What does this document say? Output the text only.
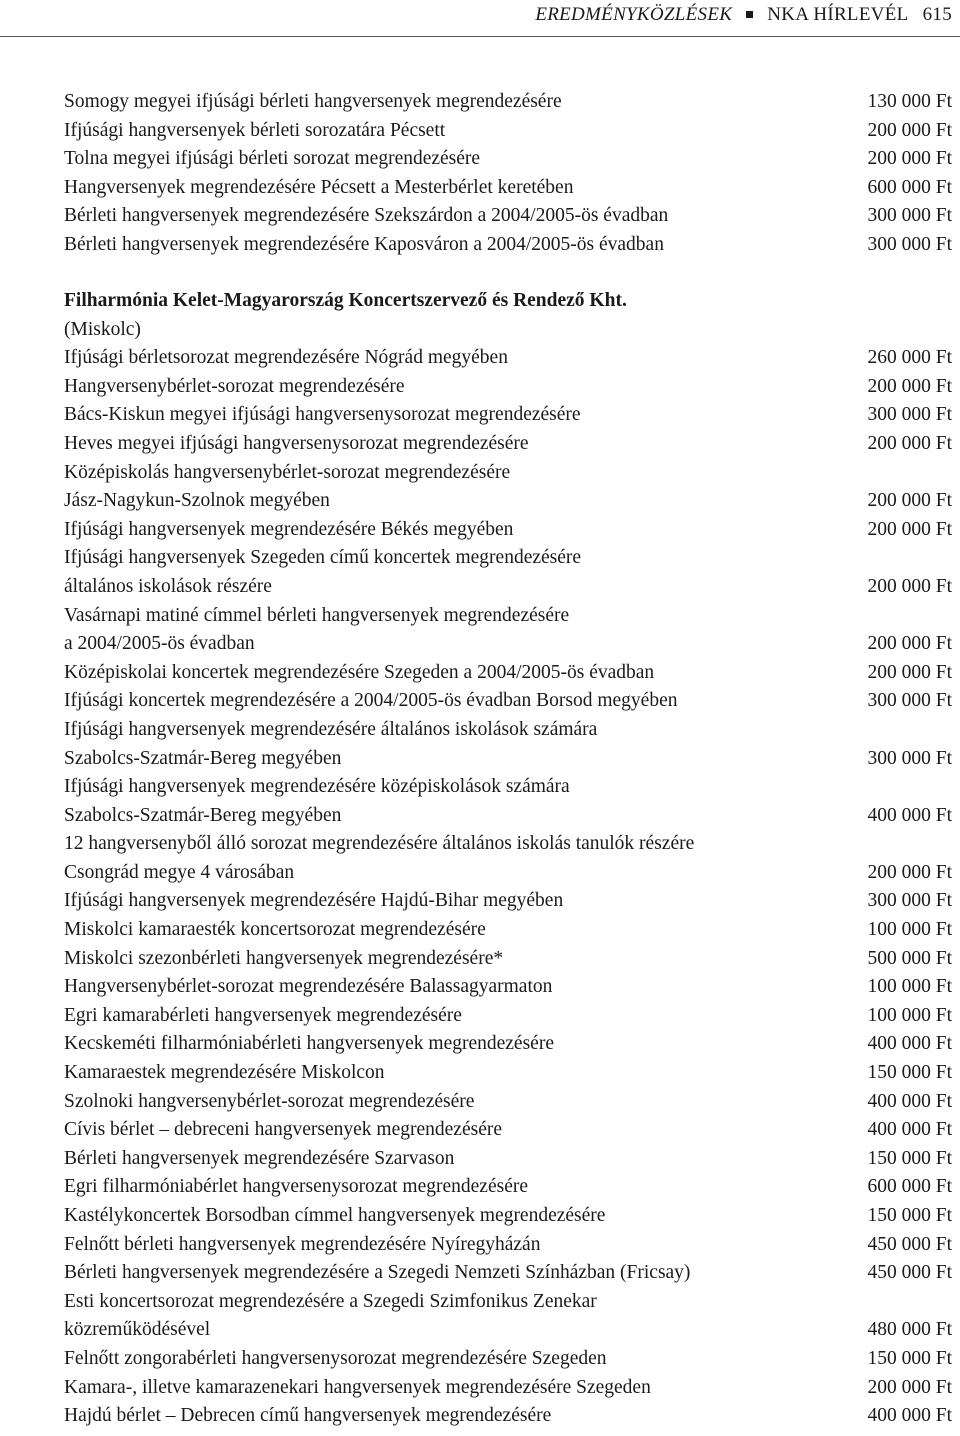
EREDMÉNYKÖZLÉSEK NKA HÍRLEVÉL 615
Somogy megyei ifjúsági bérleti hangversenyek megrendezésére	130 000 Ft
Ifjúsági hangversenyek bérleti sorozatára Pécsett	200 000 Ft
Tolna megyei ifjúsági bérleti sorozat megrendezésére	200 000 Ft
Hangversenyek megrendezésére Pécsett a Mesterbérlet keretében	600 000 Ft
Bérleti hangversenyek megrendezésére Szekszárdon a 2004/2005-ös évadban	300 000 Ft
Bérleti hangversenyek megrendezésére Kaposváron a 2004/2005-ös évadban	300 000 Ft
Filharmónia Kelet-Magyarország Koncertszervező és Rendező Kht.
(Miskolc)
Ifjúsági bérletsorozat megrendezésére Nógrád megyében	260 000 Ft
Hangversenybérlet-sorozat megrendezésére	200 000 Ft
Bács-Kiskun megyei ifjúsági hangversenysorozat megrendezésére	300 000 Ft
Heves megyei ifjúsági hangversenysorozat megrendezésére	200 000 Ft
Középiskolás hangversenybérlet-sorozat megrendezésére
Jász-Nagykun-Szolnok megyében	200 000 Ft
Ifjúsági hangversenyek megrendezésére Békés megyében	200 000 Ft
Ifjúsági hangversenyek Szegeden című koncertek megrendezésére
általános iskolások részére	200 000 Ft
Vasárnapi matiné címmel bérleti hangversenyek megrendezésére
a 2004/2005-ös évadban	200 000 Ft
Középiskolai koncertek megrendezésére Szegeden a 2004/2005-ös évadban	200 000 Ft
Ifjúsági koncertek megrendezésére a 2004/2005-ös évadban Borsod megyében	300 000 Ft
Ifjúsági hangversenyek megrendezésére általános iskolások számára
Szabolcs-Szatmár-Bereg megyében	300 000 Ft
Ifjúsági hangversenyek megrendezésére középiskolások számára
Szabolcs-Szatmár-Bereg megyében	400 000 Ft
12 hangversenyből álló sorozat megrendezésére általános iskolás tanulók részére
Csongrád megye 4 városában	200 000 Ft
Ifjúsági hangversenyek megrendezésére Hajdú-Bihar megyében	300 000 Ft
Miskolci kamaraesték koncertsorozat megrendezésére	100 000 Ft
Miskolci szezonbérleti hangversenyek megrendezésére*	500 000 Ft
Hangversenybérlet-sorozat megrendezésére Balassagyarmaton	100 000 Ft
Egri kamarabérleti hangversenyek megrendezésére	100 000 Ft
Kecskeméti filharmóniabérleti hangversenyek megrendezésére	400 000 Ft
Kamaraestek megrendezésére Miskolcon	150 000 Ft
Szolnoki hangversenybérlet-sorozat megrendezésére	400 000 Ft
Cívis bérlet – debreceni hangversenyek megrendezésére	400 000 Ft
Bérleti hangversenyek megrendezésére Szarvason	150 000 Ft
Egri filharmóniabérlet hangversenysorozat megrendezésére	600 000 Ft
Kastélykoncertek Borsodban címmel hangversenyek megrendezésére	150 000 Ft
Felnőtt bérleti hangversenyek megrendezésére Nyíregyházán	450 000 Ft
Bérleti hangversenyek megrendezésére a Szegedi Nemzeti Színházban (Fricsay)	450 000 Ft
Esti koncertsorozat megrendezésére a Szegedi Szimfonikus Zenekar
közreműködésével	480 000 Ft
Felnőtt zongorabérleti hangversenysorozat megrendezésére Szegeden	150 000 Ft
Kamara-, illetve kamarazenekari hangversenyek megrendezésére Szegeden	200 000 Ft
Hajdú bérlet – Debrecen című hangversenyek megrendezésére	400 000 Ft
